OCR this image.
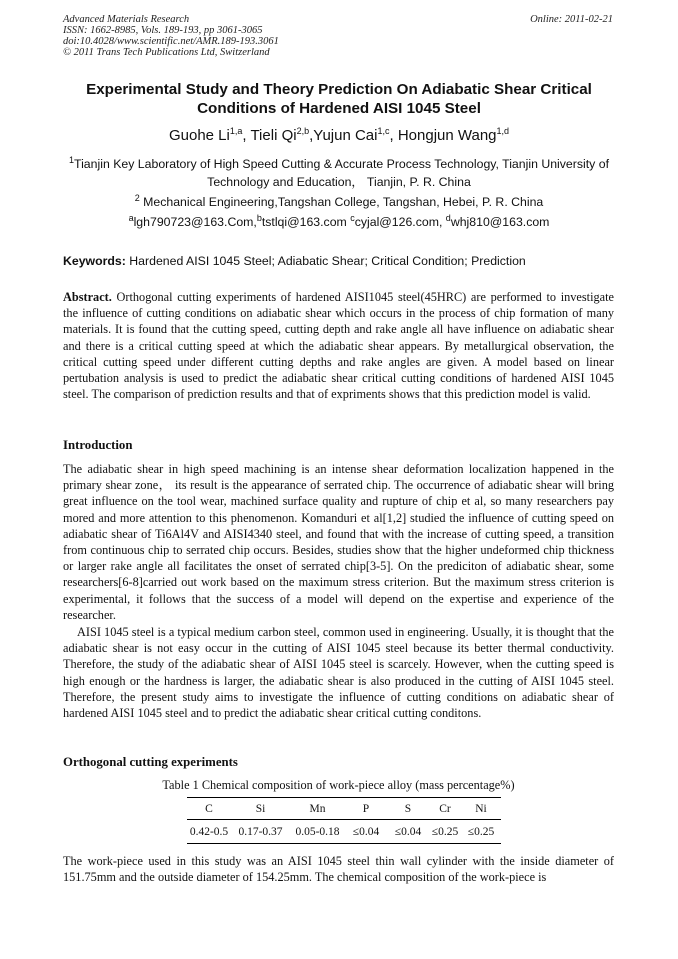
Advanced Materials Research
ISSN: 1662-8985, Vols. 189-193, pp 3061-3065
doi:10.4028/www.scientific.net/AMR.189-193.3061
© 2011 Trans Tech Publications Ltd, Switzerland
Online: 2011-02-21
Experimental Study and Theory Prediction On Adiabatic Shear Critical
Conditions of Hardened AISI 1045 Steel
Guohe Li$^{1,a}$, Tieli Qi$^{2,b}$,Yujun Cai$^{1,c}$, Hongjun Wang$^{1,d}$
$^1$Tianjin Key Laboratory of High Speed Cutting & Accurate Process Technology, Tianjin University of
Technology and Education， Tianjin, P. R. China
$^2$ Mechanical Engineering,Tangshan College, Tangshan, Hebei, P. R. China
$^a$lgh790723@163.Com,$^b$tstlqi@163.com $^c$cyjal@126.com, $^d$whj810@163.com
Keywords: Hardened AISI 1045 Steel; Adiabatic Shear; Critical Condition; Prediction
Abstract. Orthogonal cutting experiments of hardened AISI1045 steel(45HRC) are performed to investigate the influence of cutting conditions on adiabatic shear which occurs in the process of chip formation of many materials. It is found that the cutting speed, cutting depth and rake angle all have influence on adiabatic shear and there is a critical cutting speed at which the adiabatic shear appears. By metallurgical observation, the critical cutting speed under different cutting depths and rake angles are given. A model based on linear pertubation analysis is used to predict the adiabatic shear critical cutting conditions of hardened AISI 1045 steel. The comparison of prediction results and that of expriments shows that this prediction model is valid.
Introduction
The adiabatic shear in high speed machining is an intense shear deformation localization happened in the primary shear zone， its result is the appearance of serrated chip. The occurrence of adiabatic shear will bring great influence on the tool wear, machined surface quality and rupture of chip et al, so many researchers pay mored and more attention to this phenomenon. Komanduri et al[1,2] studied the influence of cutting speed on adiabatic shear of Ti6Al4V and AISI4340 steel, and found that with the increase of cutting speed, a transition from continuous chip to serrated chip occurs. Besides, studies show that the higher undeformed chip thickness or larger rake angle all facilitates the onset of serrated chip[3-5]. On the prediciton of adiabatic shear, some researchers[6-8]carried out work based on the maximum stress criterion. But the maximum stress criterion is experimental, it follows that the success of a model will depend on the expertise and experience of the researcher.
AISI 1045 steel is a typical medium carbon steel, common used in engineering. Usually, it is thought that the adiabatic shear is not easy occur in the cutting of AISI 1045 steel because its better thermal conductivity. Therefore, the study of the adiabatic shear of AISI 1045 steel is scarcely. However, when the cutting speed is high enough or the hardness is larger, the adiabatic shear is also produced in the cutting of AISI 1045 steel. Therefore, the present study aims to investigate the influence of cutting conditions on adiabatic shear of hardened AISI 1045 steel and to predict the adiabatic shear critical cutting conditons.
Orthogonal cutting experiments
Table 1 Chemical composition of work-piece alloy (mass percentage%)
C	Si	Mn	P	S	Cr	Ni
0.42-0.5	0.17-0.37	0.05-0.18	≤0.04	≤0.04	≤0.25	≤0.25
The work-piece used in this study was an AISI 1045 steel thin wall cylinder with the inside diameter of 151.75mm and the outside diameter of 154.25mm. The chemical composition of the work-piece is
